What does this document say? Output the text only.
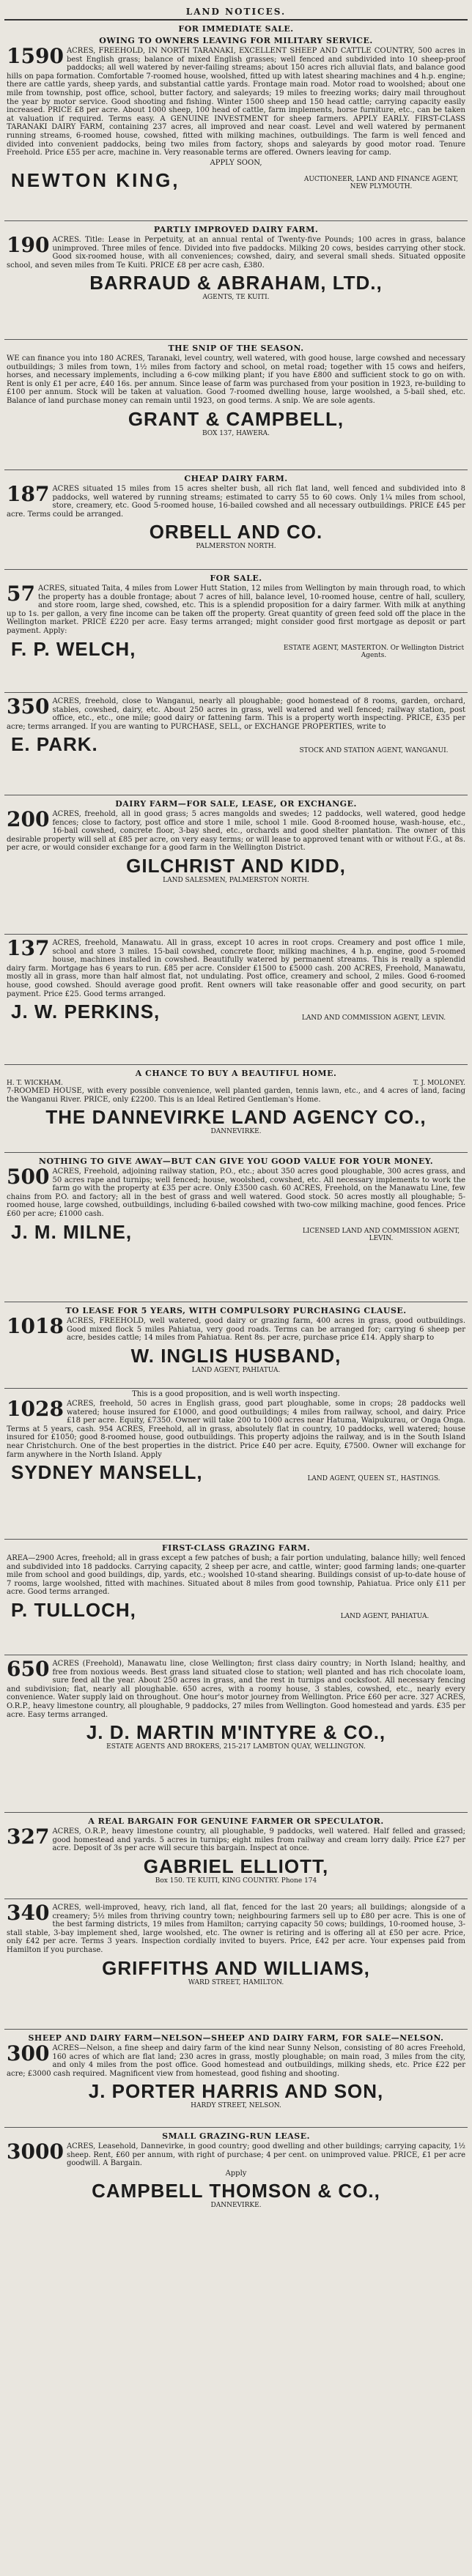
LAND NOTICES.
FOR IMMEDIATE SALE.
OWING TO OWNERS LEAVING FOR MILITARY SERVICE.

1590 ACRES, FREEHOLD, IN NORTH TARANAKI, EXCELLENT SHEEP AND CATTLE COUNTRY, 500 acres in best English grass; balance of mixed English grasses; well fenced and subdivided into 10 sheep-proof paddocks; all well watered by never-failing streams; about 150 acres rich alluvial flats, and balance good hills on papa formation. Comfortable 7-roomed house, woolshed, fitted up with latest shearing machines and 4 h.p. engine; there are cattle yards, sheep yards, and substantial cattle yards. Frontage main road. Motor road to woolshed; about one mile from township, post office, school, butter factory, and saleyards; 19 miles to freezing works; dairy mail throughout the year by motor service. Good shooting and fishing. Winter 1500 sheep and 150 head cattle; carrying capacity easily increased. PRICE £8 per acre. About 1000 sheep, 100 head of cattle, farm implements, horse furniture, etc., can be taken at valuation if required. Terms easy. A GENUINE INVESTMENT for sheep farmers. APPLY EARLY. FIRST-CLASS TARANAKI DAIRY FARM, containing 237 acres, all improved and near coast. Level and well watered by permanent running streams, 6-roomed house, cowshed, fitted with milking machines, outbuildings. The farm is well fenced and divided into convenient paddocks, being two miles from factory, shops and saleyards by good motor road. Tenure Freehold. Price £55 per acre, machine in. Very reasonable terms are offered. Owners leaving for camp.

APPLY SOON,
NEWTON KING,	AUCTIONEER, LAND AND FINANCE AGENT, NEW PLYMOUTH.
PARTLY IMPROVED DAIRY FARM.

190 ACRES. Title: Lease in Perpetuity, at an annual rental of Twenty-five Pounds; 100 acres in grass, balance unimproved. Three miles of fence. Divided into five paddocks. Milking 20 cows, besides carrying other stock. Good six-roomed house, with all conveniences; cowshed, dairy, and several small sheds. Situated opposite school, and seven miles from Te Kuiti. PRICE £8 per acre cash, £380.

BARRAUD & ABRAHAM, LTD.,
AGENTS, TE KUITI.
THE SNIP OF THE SEASON.

WE can finance you into 180 ACRES, Taranaki, level country, well watered, with good house, large cowshed and necessary outbuildings; 3 miles from town, 1½ miles from factory and school, on metal road; together with 15 cows and heifers, horses, and necessary implements, including a 6-cow milking plant; if you have £800 and sufficient stock to go on with. Rent is only £1 per acre, £40 16s. per annum. Since lease of farm was purchased from your position in 1923, re-building to £100 per annum. Stock will be taken at valuation. Good 7-roomed dwelling house, large woolshed, a 5-bail shed, etc. Balance of land purchase money can remain until 1923, on good terms. A snip. We are sole agents.

GRANT & CAMPBELL,
BOX 137, HAWERA.
CHEAP DAIRY FARM.

187 ACRES situated 15 miles from 15 acres shelter bush, all rich flat land, well fenced and subdivided into 8 paddocks, well watered by running streams; estimated to carry 55 to 60 cows. Only 1¼ miles from school, store, creamery, etc. Good 5-roomed house, 16-bailed cowshed and all necessary outbuildings. PRICE £45 per acre. Terms could be arranged.

ORBELL AND CO.
PALMERSTON NORTH.
FOR SALE.

57 ACRES, situated Taita, 4 miles from Lower Hutt Station, 12 miles from Wellington by main through road, to which the property has a double frontage; about 7 acres of hill, balance level, 10-roomed house, centre of hall, scullery, and store room, large shed, cowshed, etc. This is a splendid proposition for a dairy farmer. With milk at anything up to 1s. per gallon, a very fine income can be taken off the property. Great quantity of green feed sold off the place in the Wellington market. PRICE £220 per acre. Easy terms arranged; might consider good first mortgage as deposit or part payment. Apply:

F. P. WELCH,	ESTATE AGENT, MASTERTON. Or Wellington District Agents.

350 ACRES, freehold, close to Wanganui, nearly all ploughable; good homestead of 8 rooms, garden, orchard, stables, cowshed, dairy, etc. About 250 acres in grass, well watered and well fenced; railway station, post office, etc., etc., one mile; good dairy or fattening farm. This is a property worth inspecting. PRICE, £35 per acre; terms arranged. If you are wanting to PURCHASE, SELL, or EXCHANGE PROPERTIES, write to

E. PARK.	STOCK AND STATION AGENT, WANGANUI.
DAIRY FARM—FOR SALE, LEASE, OR EXCHANGE.

200 ACRES, freehold, all in good grass; 5 acres mangolds and swedes; 12 paddocks, well watered, good hedge fences; close to factory, post office and store 1 mile, school 1 mile. Good 8-roomed house, wash-house, etc., 16-bail cowshed, concrete floor, 3-bay shed, etc., orchards and good shelter plantation. The owner of this desirable property will sell at £85 per acre, on very easy terms; or will lease to approved tenant with or without F.G., at 8s. per acre, or would consider exchange for a good farm in the Wellington District.

GILCHRIST AND KIDD,
LAND SALESMEN, PALMERSTON NORTH.

137 ACRES, freehold, Manawatu. All in grass, except 10 acres in root crops. Creamery and post office 1 mile, school and store 3 miles. 15-bail cowshed, concrete floor, milking machines, 4 h.p. engine, good 5-roomed house, machines installed in cowshed. Beautifully watered by permanent streams. This is really a splendid dairy farm. Mortgage has 6 years to run. £85 per acre. Consider £1500 to £5000 cash. 200 ACRES, Freehold, Manawatu, mostly all in grass, more than half almost flat, not undulating. Post office, creamery and school, 2 miles. Good 6-roomed house, good cowshed. Should average good profit. Rent owners will take reasonable offer and good security, on part payment. Price £25. Good terms arranged.

J. W. PERKINS,	LAND AND COMMISSION AGENT, LEVIN.
A CHANCE TO BUY A BEAUTIFUL HOME.
H. T. WICKHAM.	T. J. MOLONEY.

7-ROOMED HOUSE, with every possible convenience, well planted garden, tennis lawn, etc., and 4 acres of land, facing the Wanganui River. PRICE, only £2200. This is an Ideal Retired Gentleman's Home.

THE DANNEVIRKE LAND AGENCY CO.,
DANNEVIRKE.
NOTHING TO GIVE AWAY—BUT CAN GIVE YOU GOOD VALUE FOR YOUR MONEY.

500 ACRES, Freehold, adjoining railway station, P.O., etc.; about 350 acres good ploughable, 300 acres grass, and 50 acres rape and turnips; well fenced; house, woolshed, cowshed, etc. All necessary implements to work the farm go with the property at £35 per acre. Only £3500 cash. 60 ACRES, Freehold, on the Manawatu Line, few chains from P.O. and factory; all in the best of grass and well watered. Good stock. 50 acres mostly all ploughable; 5-roomed house, large cowshed, outbuildings, including 6-bailed cowshed with two-cow milking machine, good fences. Price £60 per acre; £1000 cash.

J. M. MILNE,	LICENSED LAND AND COMMISSION AGENT, LEVIN.
TO LEASE FOR 5 YEARS, WITH COMPULSORY PURCHASING CLAUSE.

1018 ACRES, FREEHOLD, well watered, good dairy or grazing farm, 400 acres in grass, good outbuildings. Good mixed flock 5 miles Pahiatua, very good roads. Terms can be arranged for; carrying 6 sheep per acre, besides cattle; 14 miles from Pahiatua. Rent 8s. per acre, purchase price £14. Apply sharp to

W. INGLIS HUSBAND,
LAND AGENT, PAHIATUA.
This is a good proposition, and is well worth inspecting.

1028 ACRES, freehold, 50 acres in English grass, good part ploughable, some in crops; 28 paddocks well watered; house insured for £1000, and good outbuildings; 4 miles from railway, school, and dairy. Price £18 per acre. Equity, £7350. Owner will take 200 to 1000 acres near Hatuma, Waipukurau, or Onga Onga. Terms at 5 years, cash. 954 ACRES, Freehold, all in grass, absolutely flat in country, 10 paddocks, well watered; house insured for £1050; good 8-roomed house, good outbuildings. This property adjoins the railway, and is in the South Island near Christchurch. One of the best properties in the district. Price £40 per acre. Equity, £7500. Owner will exchange for farm anywhere in the North Island. Apply

SYDNEY MANSELL,	LAND AGENT, QUEEN ST., HASTINGS.
FIRST-CLASS GRAZING FARM.

AREA—2900 Acres, freehold; all in grass except a few patches of bush; a fair portion undulating, balance hilly; well fenced and subdivided into 18 paddocks. Carrying capacity, 2 sheep per acre, and cattle, winter; good farming lands; one-quarter mile from school and good buildings, dip, yards, etc.; woolshed 10-stand shearing. Buildings consist of up-to-date house of 7 rooms, large woolshed, fitted with machines. Situated about 8 miles from good township, Pahiatua. Price only £11 per acre. Good terms arranged.

P. TULLOCH,	LAND AGENT, PAHIATUA.

650 ACRES (Freehold), Manawatu line, close Wellington; first class dairy country; in North Island; healthy, and free from noxious weeds. Best grass land situated close to station; well planted and has rich chocolate loam, sure feed all the year. About 250 acres in grass, and the rest in turnips and cocksfoot. All necessary fencing and subdivision; flat, nearly all ploughable. 650 acres, with a roomy house, 3 stables, cowshed, etc., nearly every convenience. Water supply laid on throughout. One hour's motor journey from Wellington. Price £60 per acre. 327 ACRES, O.R.P., heavy limestone country, all ploughable, 9 paddocks, 27 miles from Wellington. Good homestead and yards. £35 per acre. Easy terms arranged.

J. D. MARTIN M'INTYRE & CO.,
ESTATE AGENTS AND BROKERS, 215-217 LAMBTON QUAY, WELLINGTON.
A REAL BARGAIN FOR GENUINE FARMER OR SPECULATOR.

327 ACRES, O.R.P., heavy limestone country, all ploughable, 9 paddocks, well watered. Half felled and grassed; good homestead and yards. 5 acres in turnips; eight miles from railway and cream lorry daily. Price £27 per acre. Deposit of 3s per acre will secure this bargain. Inspect at once.

GABRIEL ELLIOTT,
Box 150. TE KUITI, KING COUNTRY. Phone 174

340 ACRES, well-improved, heavy, rich land, all flat, fenced for the last 20 years; all buildings; alongside of a creamery; 5½ miles from thriving country town; neighbouring farmers sell up to £80 per acre. This is one of the best farming districts, 19 miles from Hamilton; carrying capacity 50 cows; buildings, 10-roomed house, 3-stall stable, 3-bay implement shed, large woolshed, etc. The owner is retiring and is offering all at £50 per acre. Price, only £42 per acre. Terms 3 years. Inspection cordially invited to buyers. Price, £42 per acre. Your expenses paid from Hamilton if you purchase.

GRIFFITHS AND WILLIAMS,
WARD STREET, HAMILTON.
SHEEP AND DAIRY FARM—NELSON—SHEEP AND DAIRY FARM, FOR SALE—NELSON.

300 ACRES—Nelson, a fine sheep and dairy farm of the kind near Sunny Nelson, consisting of 80 acres Freehold, 160 acres of which are flat land; 230 acres in grass, mostly ploughable; on main road, 3 miles from the city, and only 4 miles from the post office. Good homestead and outbuildings, milking sheds, etc. Price £22 per acre; £3000 cash required. Magnificent view from homestead, good fishing and shooting.

J. PORTER HARRIS AND SON,
HARDY STREET, NELSON.
SMALL GRAZING-RUN LEASE.

3000 ACRES, Leasehold, Dannevirke, in good country; good dwelling and other buildings; carrying capacity, 1½ sheep. Rent, £60 per annum, with right of purchase; 4 per cent. on unimproved value. PRICE, £1 per acre goodwill. A Bargain.

Apply
CAMPBELL THOMSON & CO.,
DANNEVIRKE.
